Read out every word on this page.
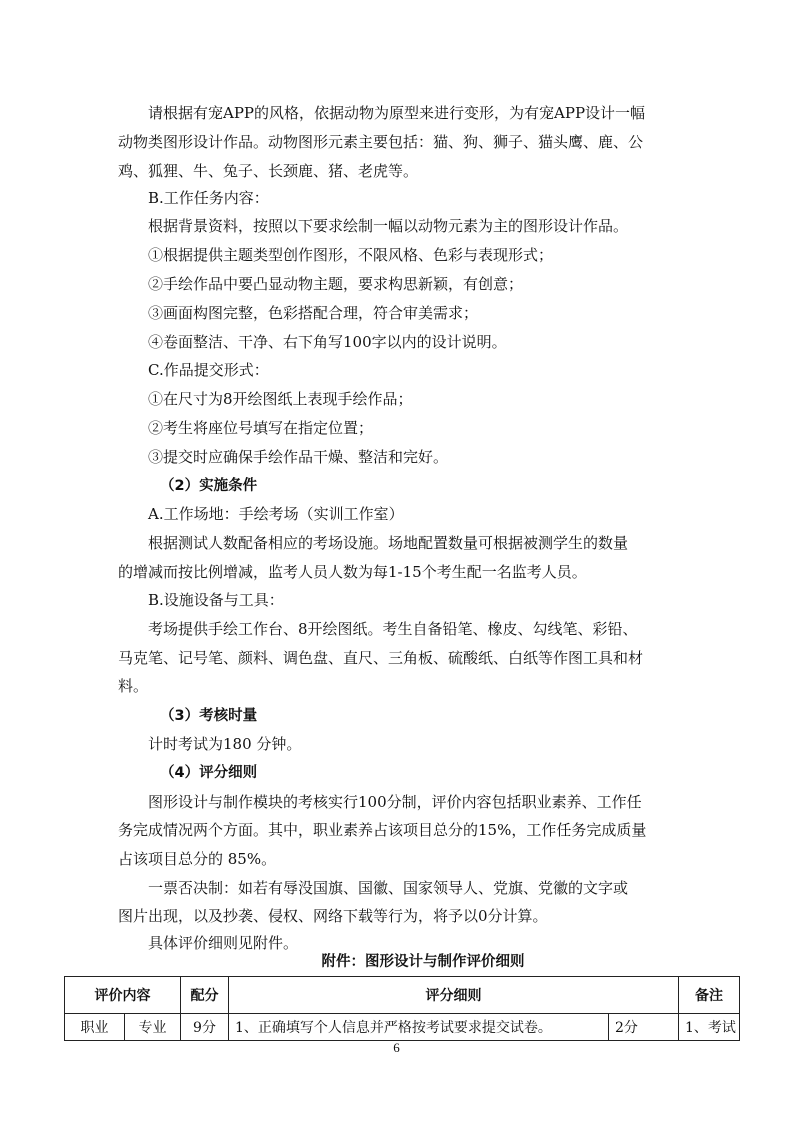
请根据有宠APP的风格，依据动物为原型来进行变形，为有宠APP设计一幅

动物类图形设计作品。动物图形元素主要包括：猫、狗、狮子、猫头鹰、鹿、公

鸡、狐狸、牛、兔子、长颈鹿、猪、老虎等。

B.工作任务内容：

根据背景资料，按照以下要求绘制一幅以动物元素为主的图形设计作品。

①根据提供主题类型创作图形，不限风格、色彩与表现形式；

②手绘作品中要凸显动物主题，要求构思新颖，有创意；

③画面构图完整，色彩搭配合理，符合审美需求；

④卷面整洁、干净、右下角写100字以内的设计说明。

C.作品提交形式：

①在尺寸为8开绘图纸上表现手绘作品；

②考生将座位号填写在指定位置；

③提交时应确保手绘作品干燥、整洁和完好。

（2）实施条件

A.工作场地：手绘考场（实训工作室）

根据测试人数配备相应的考场设施。场地配置数量可根据被测学生的数量

的增减而按比例增减，监考人员人数为每1-15个考生配一名监考人员。

B.设施设备与工具：

考场提供手绘工作台、8开绘图纸。考生自备铅笔、橡皮、勾线笔、彩铅、

马克笔、记号笔、颜料、调色盘、直尺、三角板、硫酸纸、白纸等作图工具和材

料。

（3）考核时量

计时考试为180 分钟。

（4）评分细则

图形设计与制作模块的考核实行100分制，评价内容包括职业素养、工作任

务完成情况两个方面。其中，职业素养占该项目总分的15%，工作任务完成质量

占该项目总分的 85%。

一票否决制：如若有辱没国旗、国徽、国家领导人、党旗、党徽的文字或

图片出现，以及抄袭、侵权、网络下载等行为，将予以0分计算。

具体评价细则见附件。

附件：图形设计与制作评价细则
评价内容		配分	评分细则		备注
职业	专业	9分	1、正确填写个人信息并严格按考试要求提交试卷。	2分	1、考试
6
